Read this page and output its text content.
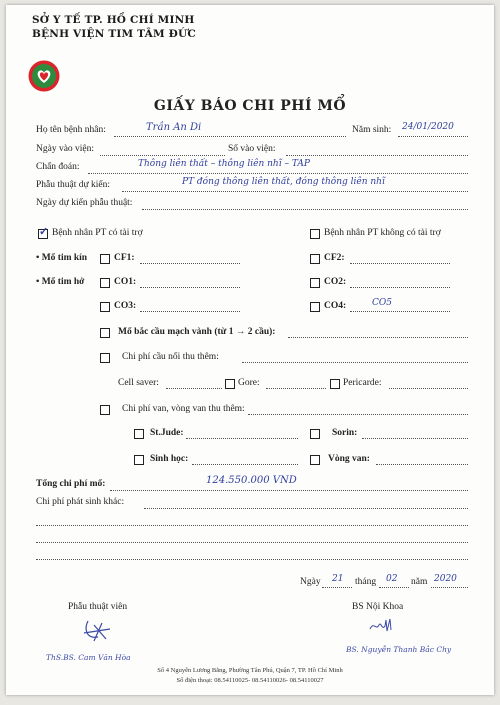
SỞ Y TẾ TP. HỒ CHÍ MINH
BỆNH VIỆN TIM TÂM ĐỨC
GIẤY BÁO CHI PHÍ MỔ
Họ tên bệnh nhân:	Trần An Di	Năm sinh: 24/01/2020
Ngày vào viện:	Số vào viện:
Chẩn đoán:	Thông liên thất – thông liên nhĩ – TAP
Phẫu thuật dự kiến:	PT đóng thông liên thất, đóng thông liên nhĩ
Ngày dự kiến phẫu thuật:
✓ Bệnh nhân PT có tài trợ	Bệnh nhân PT không có tài trợ
• Mổ tim kín	CF1:	CF2:
• Mổ tim hở	CO1:	CO2:
CO3:	CO4:	CO5
Mổ bắc cầu mạch vành (từ 1 → 2 cầu):
Chi phí cầu nối thu thêm:
Cell saver:	Gore:	Pericarde:
Chi phí van, vòng van thu thêm:
St.Jude:	Sorin:
Sinh học:	Vòng van:
Tổng chi phí mổ:	124.550.000 VND
Chi phí phát sinh khác:
Ngày 21 tháng 02 năm 2020
Phẫu thuật viên
ThS.BS. Cam Văn Hòa
BS Nội Khoa
BS. Nguyễn Thanh Bắc Chy
Số 4 Nguyễn Lương Bằng, Phường Tân Phú, Quận 7, TP. Hồ Chí Minh
Số điện thoại: 08.54110025- 08.54110026- 08.54110027
